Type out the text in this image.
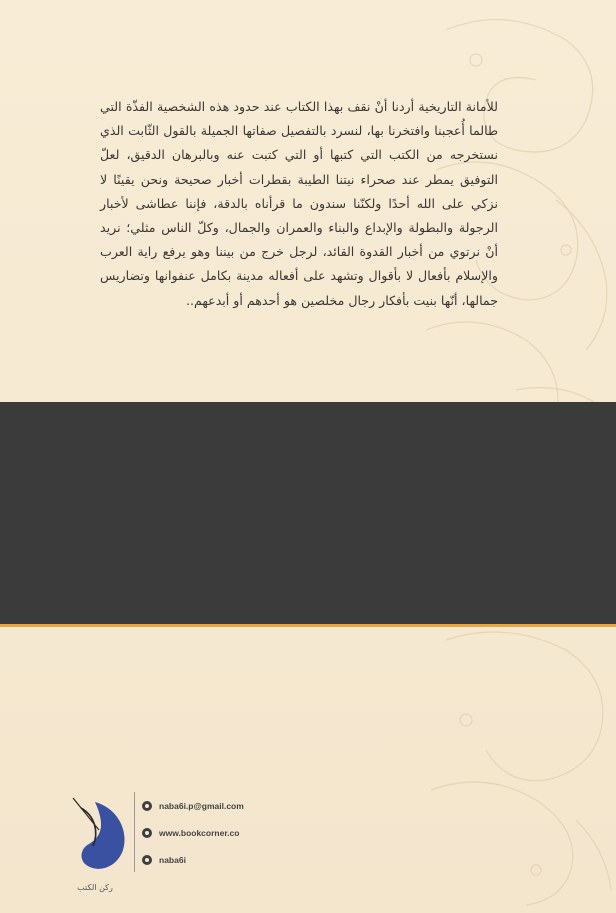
للأمانة التاريخية أردنا أنْ نقف بهذا الكتاب عند حدود هذه الشخصية الفذّة التي طالما أُعجبنا وافتخرنا بها، لنسرد بالتفصيل صفاتها الجميلة بالقول الثّابت الذي نستخرجه من الكتب التي كتبها أو التي كتبت عنه وبالبرهان الدقيق، لعلّ التوفيق يمطر عند صحراء نيتنا الطيبة بقطرات أخبار صحيحة ونحن يقينًا لا نزكي على الله أحدًا ولكنّنا سندون ما قرأناه بالدقة، فإننا عطاشى لأخبار الرجولة والبطولة والإبداع والبناء والعمران والجمال، وكلّ الناس مثلي؛ نريد أنْ نرتوي من أخبار القدوة القائد، لرجل خرج من بيننا وهو يرفع راية العرب والإسلام بأفعال لا بأقوال وتشهد على أفعاله مدينة بكامل عنفوانها وتضاريس جمالها، أنّها بنيت بأفكار رجال مخلصين هو أحدهم أو أبدعهم..

ركن الكتب
naba6i.p@gmail.com
www.bookcorner.co
naba6i
